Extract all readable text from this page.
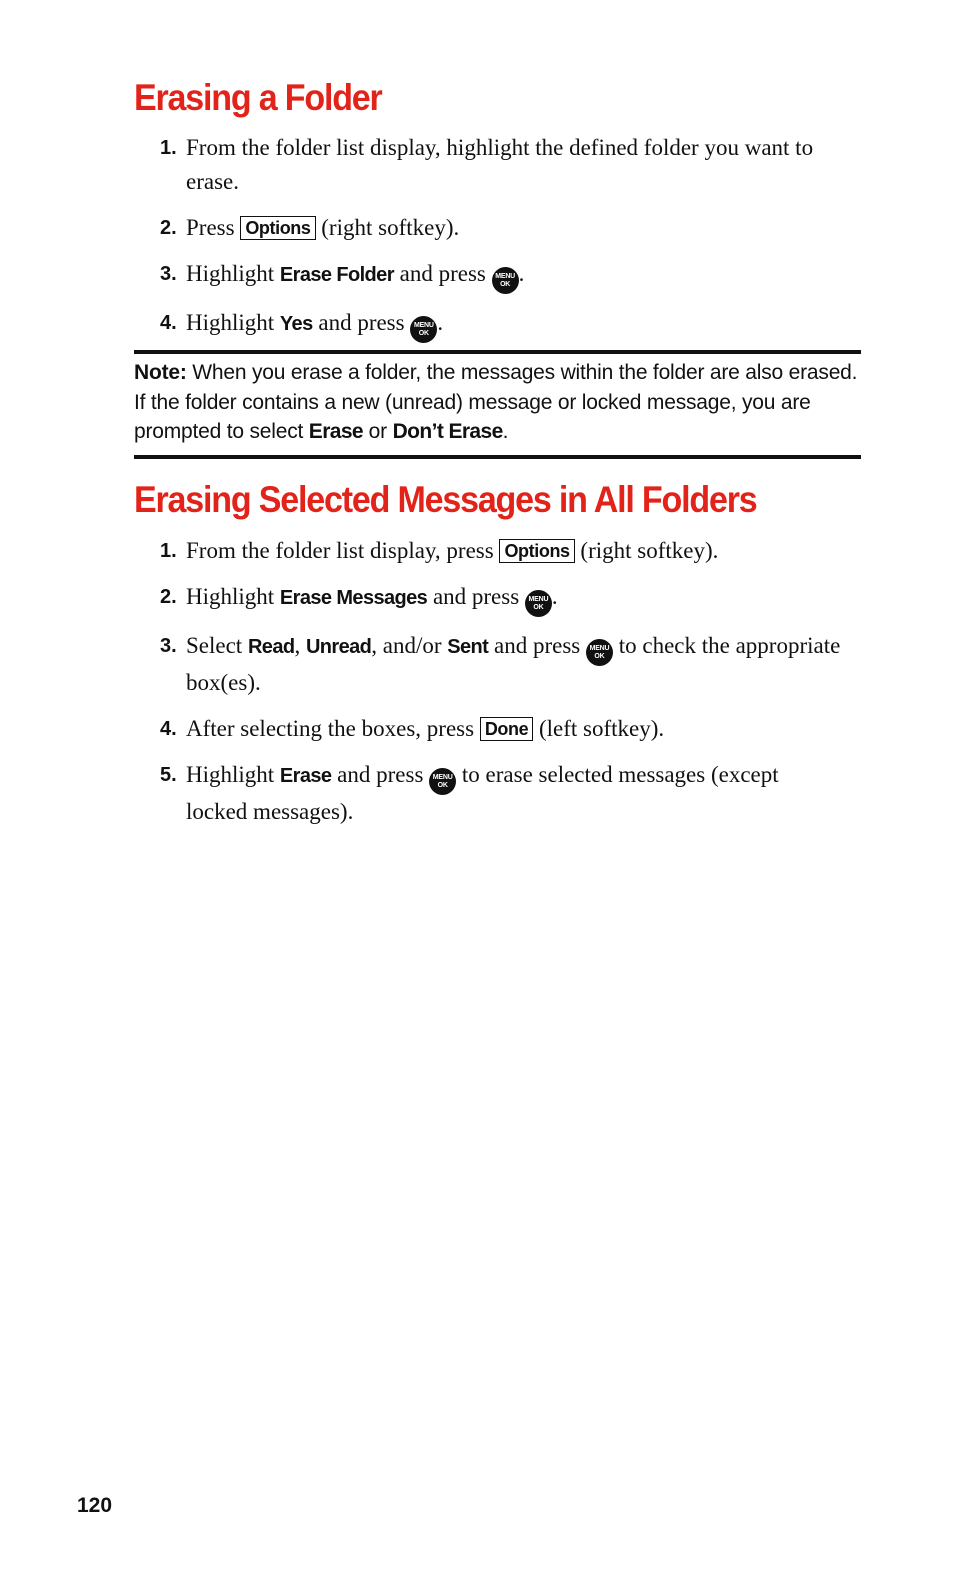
Erasing a Folder
1. From the folder list display, highlight the defined folder you want to erase.
2. Press Options (right softkey).
3. Highlight Erase Folder and press MENU
OK .
4. Highlight Yes and press MENU
OK .
Note: When you erase a folder, the messages within the folder are also erased. If the folder contains a new (unread) message or locked message, you are prompted to select Erase or Don’t Erase.
Erasing Selected Messages in All Folders
1. From the folder list display, press Options (right softkey).
2. Highlight Erase Messages and press MENU
OK .
3. Select Read, Unread, and/or Sent and press MENU
OK to check the appropriate box(es).
4. After selecting the boxes, press Done (left softkey).
5. Highlight Erase and press MENU
OK to erase selected messages (except locked messages).
120
